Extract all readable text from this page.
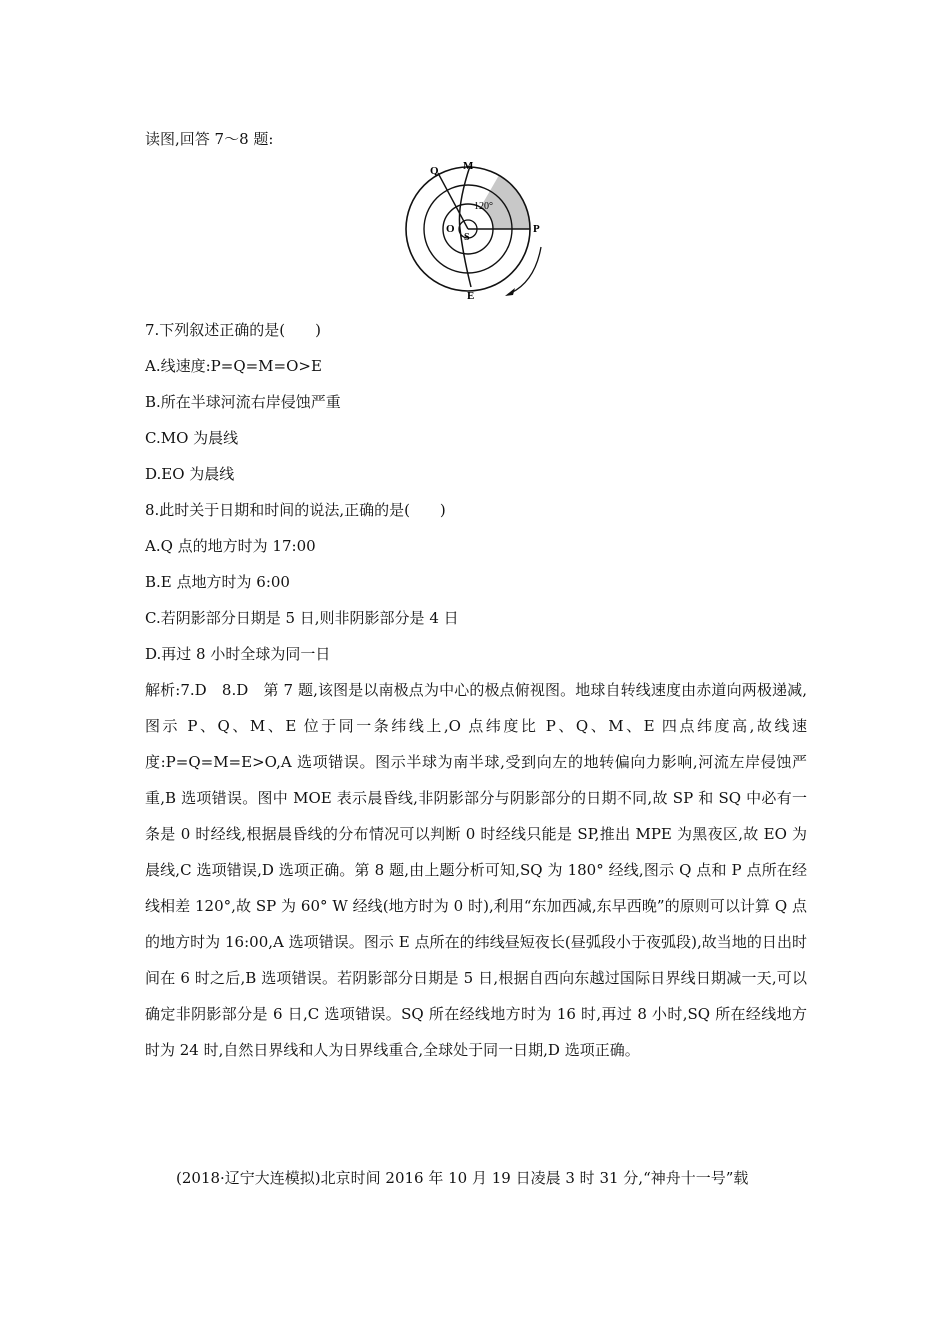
读图,回答 7～8 题:
Q M
120°
O
S
P
E
7.下列叙述正确的是(　　)
A.线速度:P=Q=M=O>E
B.所在半球河流右岸侵蚀严重
C.MO 为晨线
D.EO 为晨线
8.此时关于日期和时间的说法,正确的是(　　)
A.Q 点的地方时为 17:00
B.E 点地方时为 6:00
C.若阴影部分日期是 5 日,则非阴影部分是 4 日
D.再过 8 小时全球为同一日
解析:7.D　8.D　第 7 题,该图是以南极点为中心的极点俯视图。地球自转线速度由赤道向两极递减,图示 P、Q、M、E 位于同一条纬线上,O 点纬度比 P、Q、M、E 四点纬度高,故线速度:P=Q=M=E>O,A 选项错误。图示半球为南半球,受到向左的地转偏向力影响,河流左岸侵蚀严重,B 选项错误。图中 MOE 表示晨昏线,非阴影部分与阴影部分的日期不同,故 SP 和 SQ 中必有一条是 0 时经线,根据晨昏线的分布情况可以判断 0 时经线只能是 SP,推出 MPE 为黑夜区,故 EO 为晨线,C 选项错误,D 选项正确。第 8 题,由上题分析可知,SQ 为 180° 经线,图示 Q 点和 P 点所在经线相差 120°,故 SP 为 60° W 经线(地方时为 0 时),利用“东加西减,东早西晚”的原则可以计算 Q 点的地方时为 16:00,A 选项错误。图示 E 点所在的纬线昼短夜长(昼弧段小于夜弧段),故当地的日出时间在 6 时之后,B 选项错误。若阴影部分日期是 5 日,根据自西向东越过国际日界线日期减一天,可以确定非阴影部分是 6 日,C 选项错误。SQ 所在经线地方时为 16 时,再过 8 小时,SQ 所在经线地方时为 24 时,自然日界线和人为日界线重合,全球处于同一日期,D 选项正确。
(2018·辽宁大连模拟)北京时间 2016 年 10 月 19 日凌晨 3 时 31 分,“神舟十一号”载
